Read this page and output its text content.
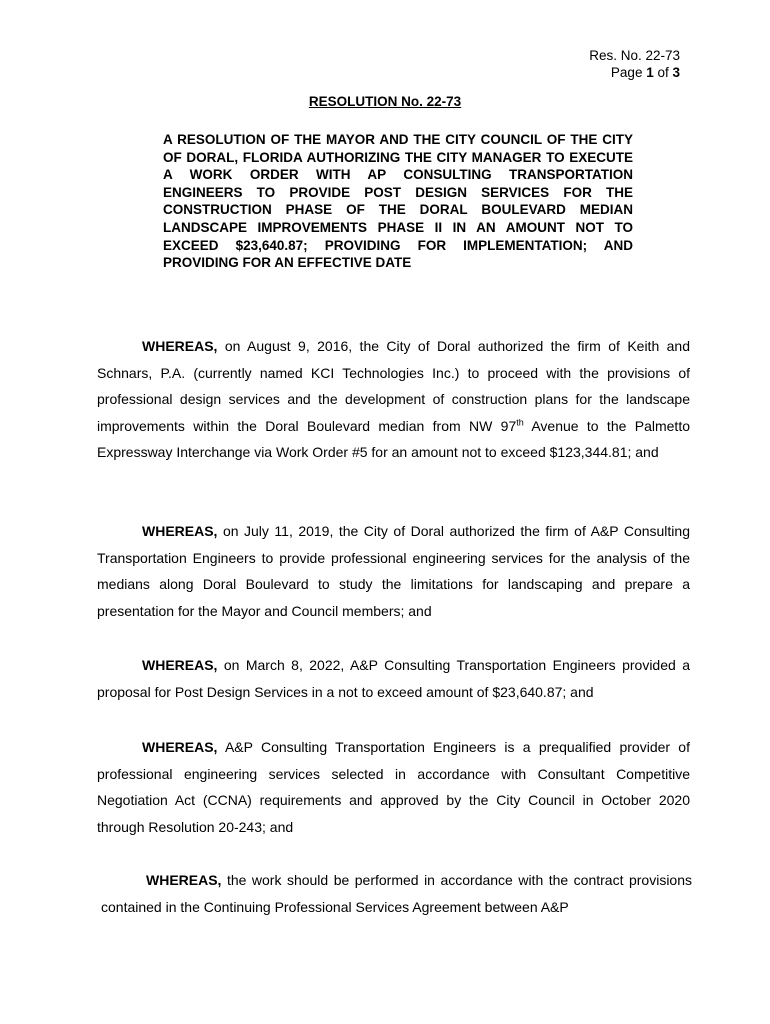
Res. No. 22-73
Page 1 of 3
RESOLUTION No. 22-73
A RESOLUTION OF THE MAYOR AND THE CITY COUNCIL OF THE CITY OF DORAL, FLORIDA AUTHORIZING THE CITY MANAGER TO EXECUTE A WORK ORDER WITH AP CONSULTING TRANSPORTATION ENGINEERS TO PROVIDE POST DESIGN SERVICES FOR THE CONSTRUCTION PHASE OF THE DORAL BOULEVARD MEDIAN LANDSCAPE IMPROVEMENTS PHASE II IN AN AMOUNT NOT TO EXCEED $23,640.87; PROVIDING FOR IMPLEMENTATION; AND PROVIDING FOR AN EFFECTIVE DATE
WHEREAS, on August 9, 2016, the City of Doral authorized the firm of Keith and Schnars, P.A. (currently named KCI Technologies Inc.) to proceed with the provisions of professional design services and the development of construction plans for the landscape improvements within the Doral Boulevard median from NW 97th Avenue to the Palmetto Expressway Interchange via Work Order #5 for an amount not to exceed $123,344.81; and
WHEREAS, on July 11, 2019, the City of Doral authorized the firm of A&P Consulting Transportation Engineers to provide professional engineering services for the analysis of the medians along Doral Boulevard to study the limitations for landscaping and prepare a presentation for the Mayor and Council members; and
WHEREAS, on March 8, 2022, A&P Consulting Transportation Engineers provided a proposal for Post Design Services in a not to exceed amount of $23,640.87; and
WHEREAS, A&P Consulting Transportation Engineers is a prequalified provider of professional engineering services selected in accordance with Consultant Competitive Negotiation Act (CCNA) requirements and approved by the City Council in October 2020 through Resolution 20-243; and
WHEREAS, the work should be performed in accordance with the contract provisions contained in the Continuing Professional Services Agreement between A&P
